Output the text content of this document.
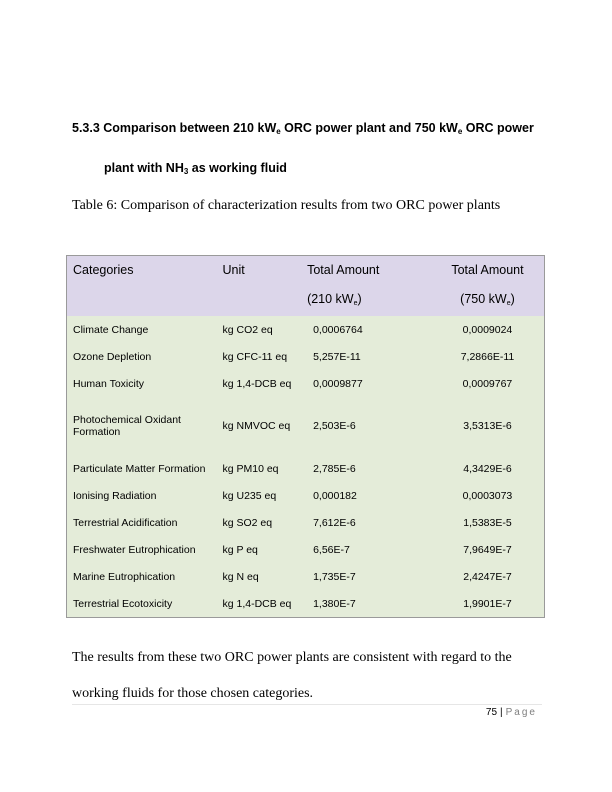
5.3.3 Comparison between 210 $kW_e$ ORC power plant and 750 $kW_e$ ORC power
plant with $NH_3$ as working fluid
Table 6: Comparison of characterization results from two ORC power plants
Categories	Unit	Total Amount	Total Amount
		(210 $kW_e$)	(750 $kW_e$)
Climate Change	kg CO2 eq	0,0006764	0,0009024
Ozone Depletion	kg CFC-11 eq	5,257E-11	7,2866E-11
Human Toxicity	kg 1,4-DCB eq	0,0009877	0,0009767
Photochemical Oxidant Formation	kg NMVOC eq	2,503E-6	3,5313E-6
Particulate Matter Formation	kg PM10 eq	2,785E-6	4,3429E-6
Ionising Radiation	kg U235 eq	0,000182	0,0003073
Terrestrial Acidification	kg SO2 eq	7,612E-6	1,5383E-5
Freshwater Eutrophication	kg P eq	6,56E-7	7,9649E-7
Marine Eutrophication	kg N eq	1,735E-7	2,4247E-7
Terrestrial Ecotoxicity	kg 1,4-DCB eq	1,380E-7	1,9901E-7
The results from these two ORC power plants are consistent with regard to the working fluids for those chosen categories.
75 | Page
